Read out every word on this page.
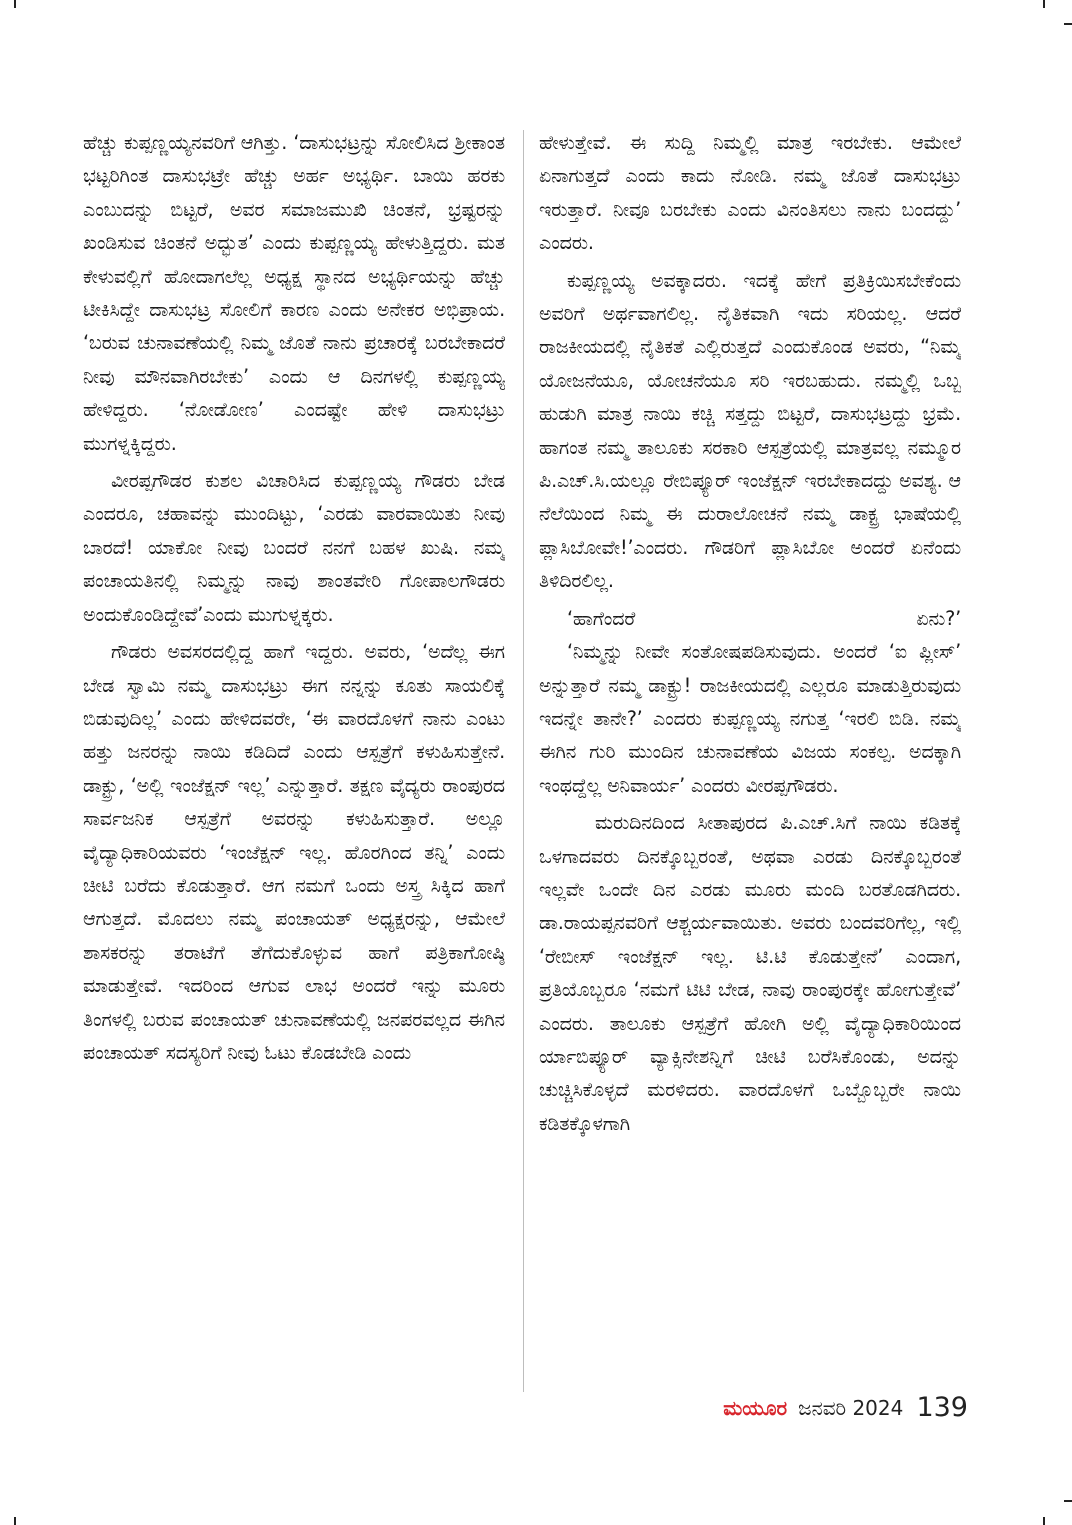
ಹೆಚ್ಚು ಕುಪ್ಪಣ್ಣಯ್ಯನವರಿಗೆ ಆಗಿತ್ತು. ‘ದಾಸುಭಟ್ರನ್ನು ಸೋಲಿಸಿದ ಶ್ರೀಕಾಂತ ಭಟ್ಟರಿಗಿಂತ ದಾಸುಭಟ್ರೇ ಹೆಚ್ಚು ಅರ್ಹ ಅಭ್ಯರ್ಥಿ. ಬಾಯಿ ಹರಕು ಎಂಬುದನ್ನು ಬಿಟ್ಟರೆ, ಅವರ ಸಮಾಜಮುಖಿ ಚಿಂತನೆ, ಭ್ರಷ್ಟರನ್ನು ಖಂಡಿಸುವ ಚಿಂತನೆ ಅದ್ಭುತ’ ಎಂದು ಕುಪ್ಪಣ್ಣಯ್ಯ ಹೇಳುತ್ತಿದ್ದರು. ಮತ ಕೇಳುವಲ್ಲಿಗೆ ಹೋದಾಗಲೆಲ್ಲ ಅಧ್ಯಕ್ಷ ಸ್ಥಾನದ ಅಭ್ಯರ್ಥಿಯನ್ನು ಹೆಚ್ಚು ಟೀಕಿಸಿದ್ದೇ ದಾಸುಭಟ್ರ ಸೋಲಿಗೆ ಕಾರಣ ಎಂದು ಅನೇಕರ ಅಭಿಪ್ರಾಯ. ‘ಬರುವ ಚುನಾವಣೆಯಲ್ಲಿ ನಿಮ್ಮ ಜೊತೆ ನಾನು ಪ್ರಚಾರಕ್ಕೆ ಬರಬೇಕಾದರೆ ನೀವು ಮೌನವಾಗಿರಬೇಕು’ ಎಂದು ಆ ದಿನಗಳಲ್ಲಿ ಕುಪ್ಪಣ್ಣಯ್ಯ ಹೇಳಿದ್ದರು. ‘ನೋಡೋಣ’ ಎಂದಷ್ಟೇ ಹೇಳಿ ದಾಸುಭಟ್ರು ಮುಗಳ್ನಕ್ಕಿದ್ದರು.

ವೀರಪ್ಪಗೌಡರ ಕುಶಲ ವಿಚಾರಿಸಿದ ಕುಪ್ಪಣ್ಣಯ್ಯ ಗೌಡರು ಬೇಡ ಎಂದರೂ, ಚಹಾವನ್ನು ಮುಂದಿಟ್ಟು, ‘ಎರಡು ವಾರವಾಯಿತು ನೀವು ಬಾರದೆ! ಯಾಕೋ ನೀವು ಬಂದರೆ ನನಗೆ ಬಹಳ ಖುಷಿ. ನಮ್ಮ ಪಂಚಾಯತಿನಲ್ಲಿ ನಿಮ್ಮನ್ನು ನಾವು ಶಾಂತವೇರಿ ಗೋಪಾಲಗೌಡರು ಅಂದುಕೊಂಡಿದ್ದೇವೆ’ಎಂದು ಮುಗುಳ್ನಕ್ಕರು.

ಗೌಡರು ಅವಸರದಲ್ಲಿದ್ದ ಹಾಗೆ ಇದ್ದರು. ಅವರು, ‘ಅದೆಲ್ಲ ಈಗ ಬೇಡ ಸ್ವಾಮಿ ನಮ್ಮ ದಾಸುಭಟ್ರು ಈಗ ನನ್ನನ್ನು ಕೂತು ಸಾಯಲಿಕ್ಕೆ ಬಿಡುವುದಿಲ್ಲ’ ಎಂದು ಹೇಳಿದವರೇ, ‘ಈ ವಾರದೊಳಗೆ ನಾನು ಎಂಟು ಹತ್ತು ಜನರನ್ನು ನಾಯಿ ಕಡಿದಿದೆ ಎಂದು ಆಸ್ಪತ್ರೆಗೆ ಕಳುಹಿಸುತ್ತೇನೆ. ಡಾಕ್ಟ್ರು, ‘ಅಲ್ಲಿ ಇಂಜೆಕ್ಷನ್ ಇಲ್ಲ’ ಎನ್ನುತ್ತಾರೆ. ತಕ್ಷಣ ವೈದ್ಯರು ರಾಂಪುರದ ಸಾರ್ವಜನಿಕ ಆಸ್ಪತ್ರೆಗೆ ಅವರನ್ನು ಕಳುಹಿಸುತ್ತಾರೆ. ಅಲ್ಲೂ ವೈದ್ಯಾಧಿಕಾರಿಯವರು ‘ಇಂಜೆಕ್ಷನ್ ಇಲ್ಲ. ಹೊರಗಿಂದ ತನ್ನಿ’ ಎಂದು ಚೀಟಿ ಬರೆದು ಕೊಡುತ್ತಾರೆ. ಆಗ ನಮಗೆ ಒಂದು ಅಸ್ತ್ರ ಸಿಕ್ಕಿದ ಹಾಗೆ ಆಗುತ್ತದೆ. ಮೊದಲು ನಮ್ಮ ಪಂಚಾಯತ್ ಅಧ್ಯಕ್ಷರನ್ನು, ಆಮೇಲೆ ಶಾಸಕರನ್ನು ತರಾಟೆಗೆ ತೆಗೆದುಕೊಳ್ಳುವ ಹಾಗೆ ಪತ್ರಿಕಾಗೋಷ್ಠಿ ಮಾಡುತ್ತೇವೆ. ಇದರಿಂದ ಆಗುವ ಲಾಭ ಅಂದರೆ ಇನ್ನು ಮೂರು ತಿಂಗಳಲ್ಲಿ ಬರುವ ಪಂಚಾಯತ್ ಚುನಾವಣೆಯಲ್ಲಿ ಜನಪರವಲ್ಲದ ಈಗಿನ ಪಂಚಾಯತ್ ಸದಸ್ಯರಿಗೆ ನೀವು ಓಟು ಕೊಡಬೇಡಿ ಎಂದು

ಹೇಳುತ್ತೇವೆ. ಈ ಸುದ್ದಿ ನಿಮ್ಮಲ್ಲಿ ಮಾತ್ರ ಇರಬೇಕು. ಆಮೇಲೆ ಏನಾಗುತ್ತದೆ ಎಂದು ಕಾದು ನೋಡಿ. ನಮ್ಮ ಜೊತೆ ದಾಸುಭಟ್ರು ಇರುತ್ತಾರೆ. ನೀವೂ ಬರಬೇಕು ಎಂದು ವಿನಂತಿಸಲು ನಾನು ಬಂದದ್ದು’ ಎಂದರು.

ಕುಪ್ಪಣ್ಣಯ್ಯ ಅವಕ್ಕಾದರು. ಇದಕ್ಕೆ ಹೇಗೆ ಪ್ರತಿಕ್ರಿಯಿಸಬೇಕೆಂದು ಅವರಿಗೆ ಅರ್ಥವಾಗಲಿಲ್ಲ. ನೈತಿಕವಾಗಿ ಇದು ಸರಿಯಲ್ಲ. ಆದರೆ ರಾಜಕೀಯದಲ್ಲಿ ನೈತಿಕತೆ ಎಲ್ಲಿರುತ್ತದೆ ಎಂದುಕೊಂಡ ಅವರು, “ನಿಮ್ಮ ಯೋಜನೆಯೂ, ಯೋಚನೆಯೂ ಸರಿ ಇರಬಹುದು. ನಮ್ಮಲ್ಲಿ ಒಬ್ಬ ಹುಡುಗಿ ಮಾತ್ರ ನಾಯಿ ಕಚ್ಚಿ ಸತ್ತದ್ದು ಬಿಟ್ಟರೆ, ದಾಸುಭಟ್ರದ್ದು ಭ್ರಮೆ. ಹಾಗಂತ ನಮ್ಮ ತಾಲೂಕು ಸರಕಾರಿ ಆಸ್ಪತ್ರೆಯಲ್ಲಿ ಮಾತ್ರವಲ್ಲ ನಮ್ಮೂರ ಪಿ.ಎಚ್.ಸಿ.ಯಲ್ಲೂ ರೇಬಿಪ್ಯೂರ್ ಇಂಜೆಕ್ಷನ್ ಇರಬೇಕಾದದ್ದು ಅವಶ್ಯ. ಆ ನೆಲೆಯಿಂದ ನಿಮ್ಮ ಈ ದುರಾಲೋಚನೆ ನಮ್ಮ ಡಾಕ್ಟ್ರ ಭಾಷೆಯಲ್ಲಿ ಪ್ಲಾಸಿಬೋವೇ!’ಎಂದರು. ಗೌಡರಿಗೆ ಪ್ಲಾಸಿಬೋ ಅಂದರೆ ಏನೆಂದು ತಿಳಿದಿರಲಿಲ್ಲ.

‘ಹಾಗೆಂದರೆ ಏನು?’

‘ನಿಮ್ಮನ್ನು ನೀವೇ ಸಂತೋಷಪಡಿಸುವುದು. ಅಂದರೆ ‘ಐ ಪ್ಲೀಸ್’ ಅನ್ನುತ್ತಾರೆ ನಮ್ಮ ಡಾಕ್ಟ್ರು! ರಾಜಕೀಯದಲ್ಲಿ ಎಲ್ಲರೂ ಮಾಡುತ್ತಿರುವುದು ಇದನ್ನೇ ತಾನೇ?’ ಎಂದರು ಕುಪ್ಪಣ್ಣಯ್ಯ ನಗುತ್ತ ‘ಇರಲಿ ಬಿಡಿ. ನಮ್ಮ ಈಗಿನ ಗುರಿ ಮುಂದಿನ ಚುನಾವಣೆಯ ವಿಜಯ ಸಂಕಲ್ಪ. ಅದಕ್ಕಾಗಿ ಇಂಥದ್ದೆಲ್ಲ ಅನಿವಾರ್ಯ’ ಎಂದರು ವೀರಪ್ಪಗೌಡರು.

ಮರುದಿನದಿಂದ ಸೀತಾಪುರದ ಪಿ.ಎಚ್.ಸಿಗೆ ನಾಯಿ ಕಡಿತಕ್ಕೆ ಒಳಗಾದವರು ದಿನಕ್ಕೊಬ್ಬರಂತೆ, ಅಥವಾ ಎರಡು ದಿನಕ್ಕೊಬ್ಬರಂತೆ ಇಲ್ಲವೇ ಒಂದೇ ದಿನ ಎರಡು ಮೂರು ಮಂದಿ ಬರತೊಡಗಿದರು. ಡಾ.ರಾಯಪ್ಪನವರಿಗೆ ಆಶ್ಚರ್ಯವಾಯಿತು. ಅವರು ಬಂದವರಿಗೆಲ್ಲ, ಇಲ್ಲಿ ‘ರೇಬೀಸ್ ಇಂಜೆಕ್ಷನ್ ಇಲ್ಲ. ಟಿ.ಟಿ ಕೊಡುತ್ತೇನೆ’ ಎಂದಾಗ, ಪ್ರತಿಯೊಬ್ಬರೂ ‘ನಮಗೆ ಟಿಟಿ ಬೇಡ, ನಾವು ರಾಂಪುರಕ್ಕೇ ಹೋಗುತ್ತೇವೆ’ ಎಂದರು. ತಾಲೂಕು ಆಸ್ಪತ್ರೆಗೆ ಹೋಗಿ ಅಲ್ಲಿ ವೈದ್ಯಾಧಿಕಾರಿಯಿಂದ ರ್ಯಾಬಿಪ್ಯೂರ್ ವ್ಯಾಕ್ಸಿನೇಶನ್ನಿಗೆ ಚೀಟಿ ಬರೆಸಿಕೊಂಡು, ಅದನ್ನು ಚುಚ್ಚಿಸಿಕೊಳ್ಳದೆ ಮರಳಿದರು. ವಾರದೊಳಗೆ ಒಬ್ಬೊಬ್ಬರೇ ನಾಯಿ ಕಡಿತಕ್ಕೊಳಗಾಗಿ

ಮಯೂರ ಜನವರಿ 2024 139
